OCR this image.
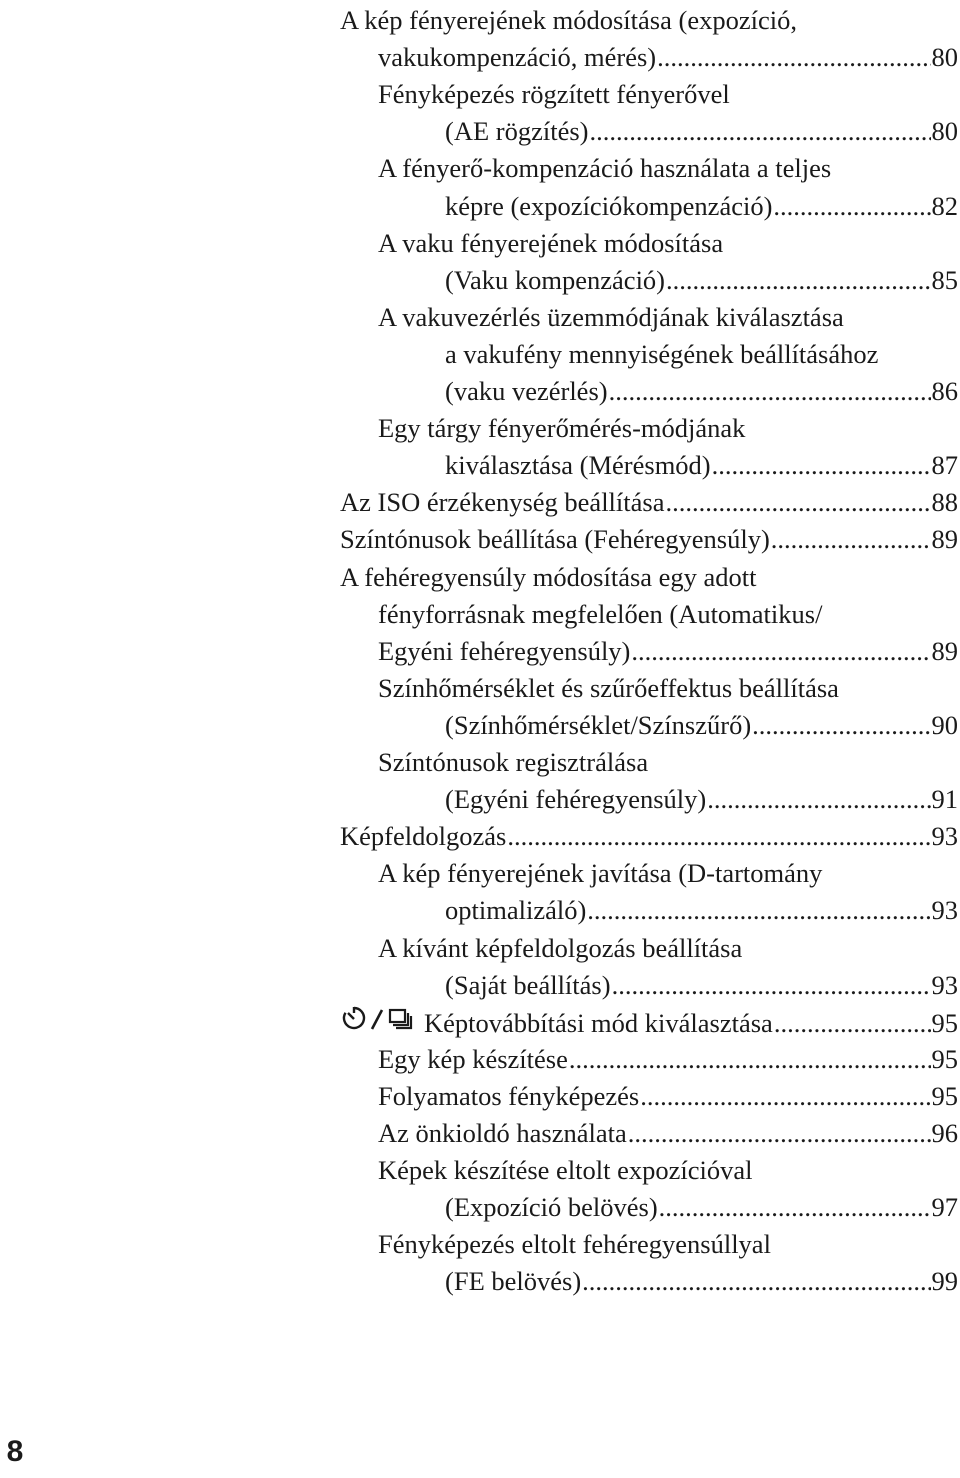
A kép fényerejének módosítása (expozíció,
vakukompenzáció, mérés) .....	80
Fényképezés rögzített fényerővel
(AE rögzítés) .....	80
A fényerő-kompenzáció használata a teljes
képre (expozíciókompenzáció) .....	82
A vaku fényerejének módosítása
(Vaku kompenzáció) .....	85
A vakuvezérlés üzemmódjának kiválasztása
a vakufény mennyiségének beállításához
(vaku vezérlés) .....	86
Egy tárgy fényerőmérés-módjának
kiválasztása (Mérésmód) .....	87
Az ISO érzékenység beállítása .....	88
Színtónusok beállítása (Fehéregyensúly) .....	89
A fehéregyensúly módosítása egy adott
fényforrásnak megfelelően (Automatikus/
Egyéni fehéregyensúly) .....	89
Színhőmérséklet és szűrőeffektus beállítása
(Színhőmérséklet/Színszűrő) .....	90
Színtónusok regisztrálása
(Egyéni fehéregyensúly) .....	91
Képfeldolgozás .....	93
A kép fényerejének javítása (D-tartomány
optimalizáló) .....	93
A kívánt képfeldolgozás beállítása
(Saját beállítás) .....	93
Képtovábbítási mód kiválasztása .....	95
Egy kép készítése .....	95
Folyamatos fényképezés .....	95
Az önkioldó használata .....	96
Képek készítése eltolt expozícióval
(Expozíció belövés) .....	97
Fényképezés eltolt fehéregyensúllyal
(FE belövés) .....	99
8
